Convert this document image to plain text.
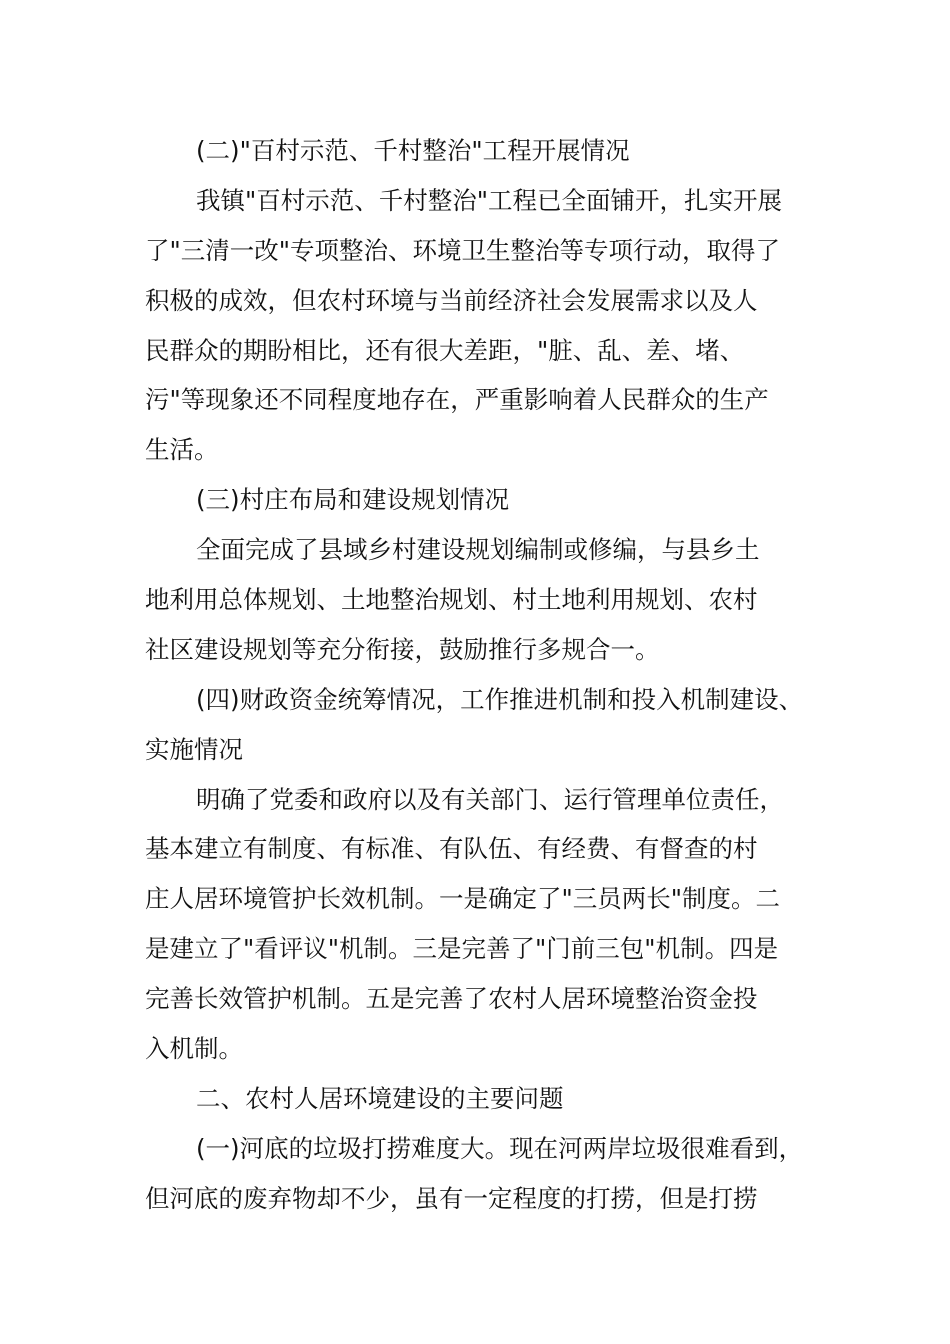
(二)"百村示范、千村整治"工程开展情况

我镇"百村示范、千村整治"工程已全面铺开，扎实开展
了"三清一改"专项整治、环境卫生整治等专项行动，取得了
积极的成效，但农村环境与当前经济社会发展需求以及人
民群众的期盼相比，还有很大差距，"脏、乱、差、堵、
污"等现象还不同程度地存在，严重影响着人民群众的生产
生活。

(三)村庄布局和建设规划情况

全面完成了县域乡村建设规划编制或修编，与县乡土
地利用总体规划、土地整治规划、村土地利用规划、农村
社区建设规划等充分衔接，鼓励推行多规合一。

(四)财政资金统筹情况，工作推进机制和投入机制建设、
实施情况

明确了党委和政府以及有关部门、运行管理单位责任，
基本建立有制度、有标准、有队伍、有经费、有督查的村
庄人居环境管护长效机制。一是确定了"三员两长"制度。二
是建立了"看评议"机制。三是完善了"门前三包"机制。四是
完善长效管护机制。五是完善了农村人居环境整治资金投
入机制。

二、农村人居环境建设的主要问题

(一)河底的垃圾打捞难度大。现在河两岸垃圾很难看到，
但河底的废弃物却不少，虽有一定程度的打捞，但是打捞
